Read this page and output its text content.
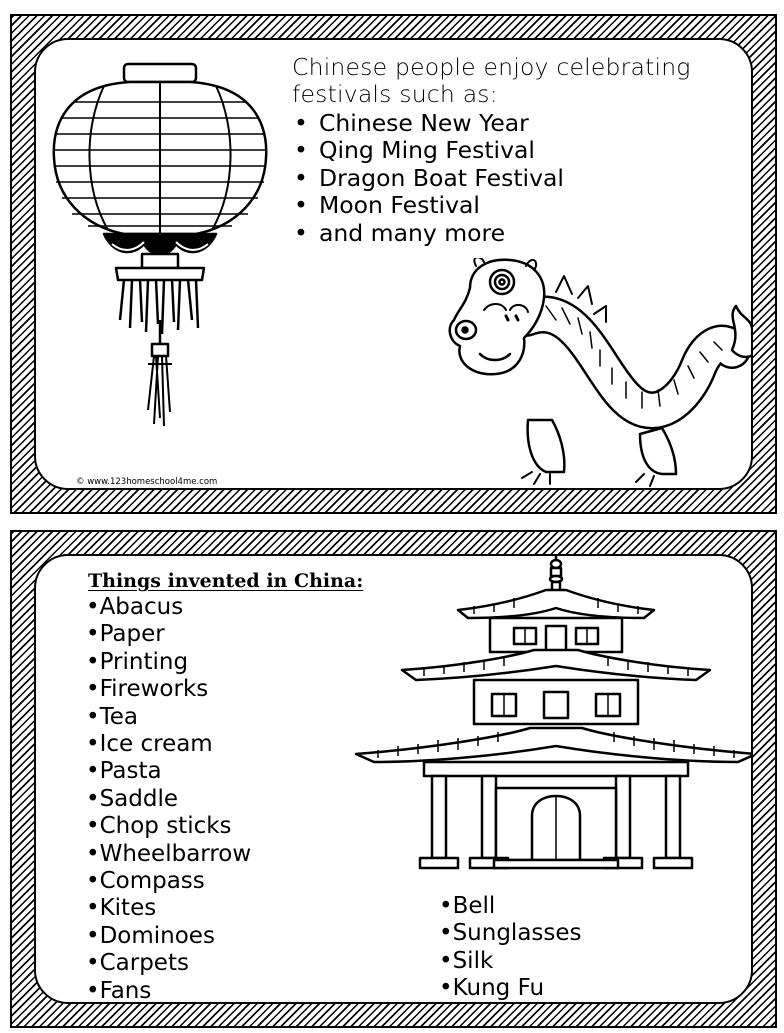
Chinese people enjoy celebrating
festivals such as:

• Chinese New Year
• Qing Ming Festival
• Dragon Boat Festival
• Moon Festival
• and many more
© www.123homeschool4me.com
Things invented in China:
• Abacus
• Paper
• Printing
• Fireworks
• Tea
• Ice cream
• Pasta
• Saddle
• Chop sticks
• Wheelbarrow
• Compass
• Kites
• Dominoes
• Carpets
• Fans
• Bell
• Sunglasses
• Silk
• Kung Fu
